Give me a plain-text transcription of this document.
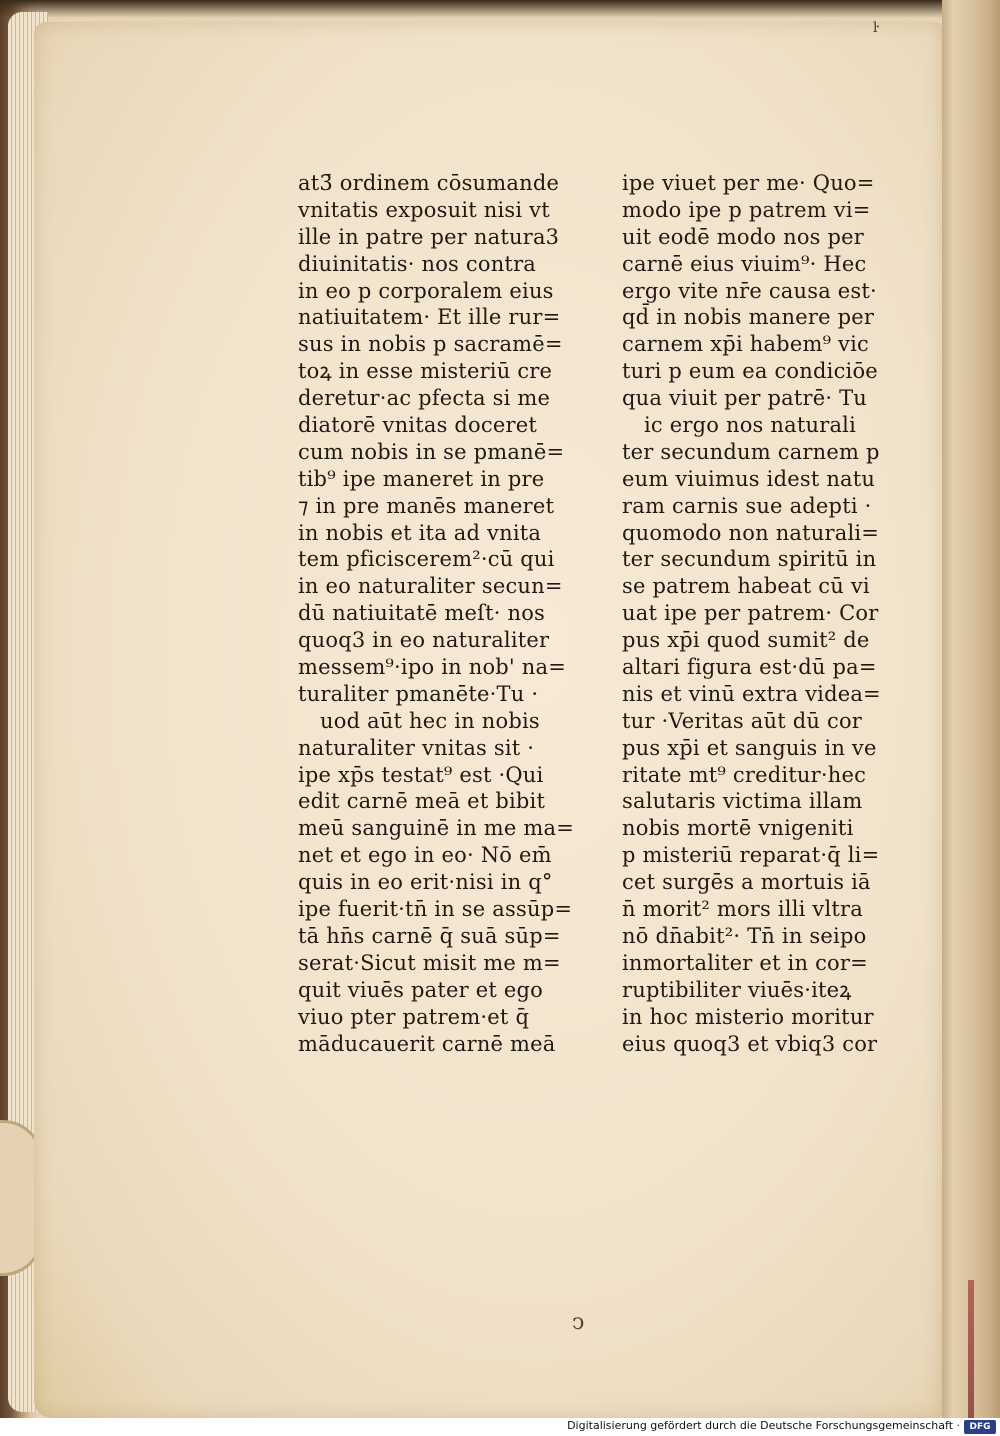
ŀ
at3̄ ordinem cōsumande
vnitatis exposuit nisi vt
ille in patre per natura3
diuinitatis· nos contra
in eo p corporalem eius
natiuitatem· Et ille rur=
sus in nobis p sacramē=
toꝝ in esse misteriū cre
deretur·ac pfecta si me
diatorē vnitas doceret
cum nobis in se pmanē=
tib⁹ ipe maneret in pre
⁊ in pre manēs maneret
in nobis et ita ad vnita
tem pficiscerem²·cū qui
in eo naturaliter secun=
dū natiuitatē meſt· nos
quoq3 in eo naturaliter
messem⁹·ipo in nob' na=
turaliter pmanēte·Tu ·
uod aūt hec in nobis
naturaliter vnitas sit ·
ipe xp̄s testat⁹ est ·Qui
edit carnē meā et bibit
meū sanguinē in me ma=
net et ego in eo· Nō em̄
quis in eo erit·nisi in q°
ipe fuerit·tn̄ in se assūp=
tā hn̄s carnē q̄ suā sūp=
serat·Sicut misit me m=
quit viuēs pater et ego
viuo pter patrem·et q̄
māducauerit carnē meā
ipe viuet per me· Quo=
modo ipe p patrem vi=
uit eodē modo nos per
carnē eius viuim⁹· Hec
ergo vite nr̄e causa est·
qd̄ in nobis manere per
carnem xp̄i habem⁹ vic
turi p eum ea condiciōe
qua viuit per patrē· Tu
ic ergo nos naturali
ter secundum carnem p
eum viuimus idest natu
ram carnis sue adepti ·
quomodo non naturali=
ter secundum spiritū in
se patrem habeat cū vi
uat ipe per patrem· Cor
pus xp̄i quod sumit² de
altari figura est·dū pa=
nis et vinū extra videa=
tur ·Veritas aūt dū cor
pus xp̄i et sanguis in ve
ritate mt⁹ creditur·hec
salutaris victima illam
nobis mortē vnigeniti
p misteriū reparat·q̄ li=
cet surgēs a mortuis iā
n̄ morit² mors illi vltra
nō dn̄abit²· Tn̄ in seipo
inmortaliter et in cor=
ruptibiliter viuēs·iteꝝ
in hoc misterio moritur
eius quoq3 et vbiq3 cor
ↄ
Digitalisierung gefördert durch die Deutsche Forschungsgemeinschaft ·	DFG
